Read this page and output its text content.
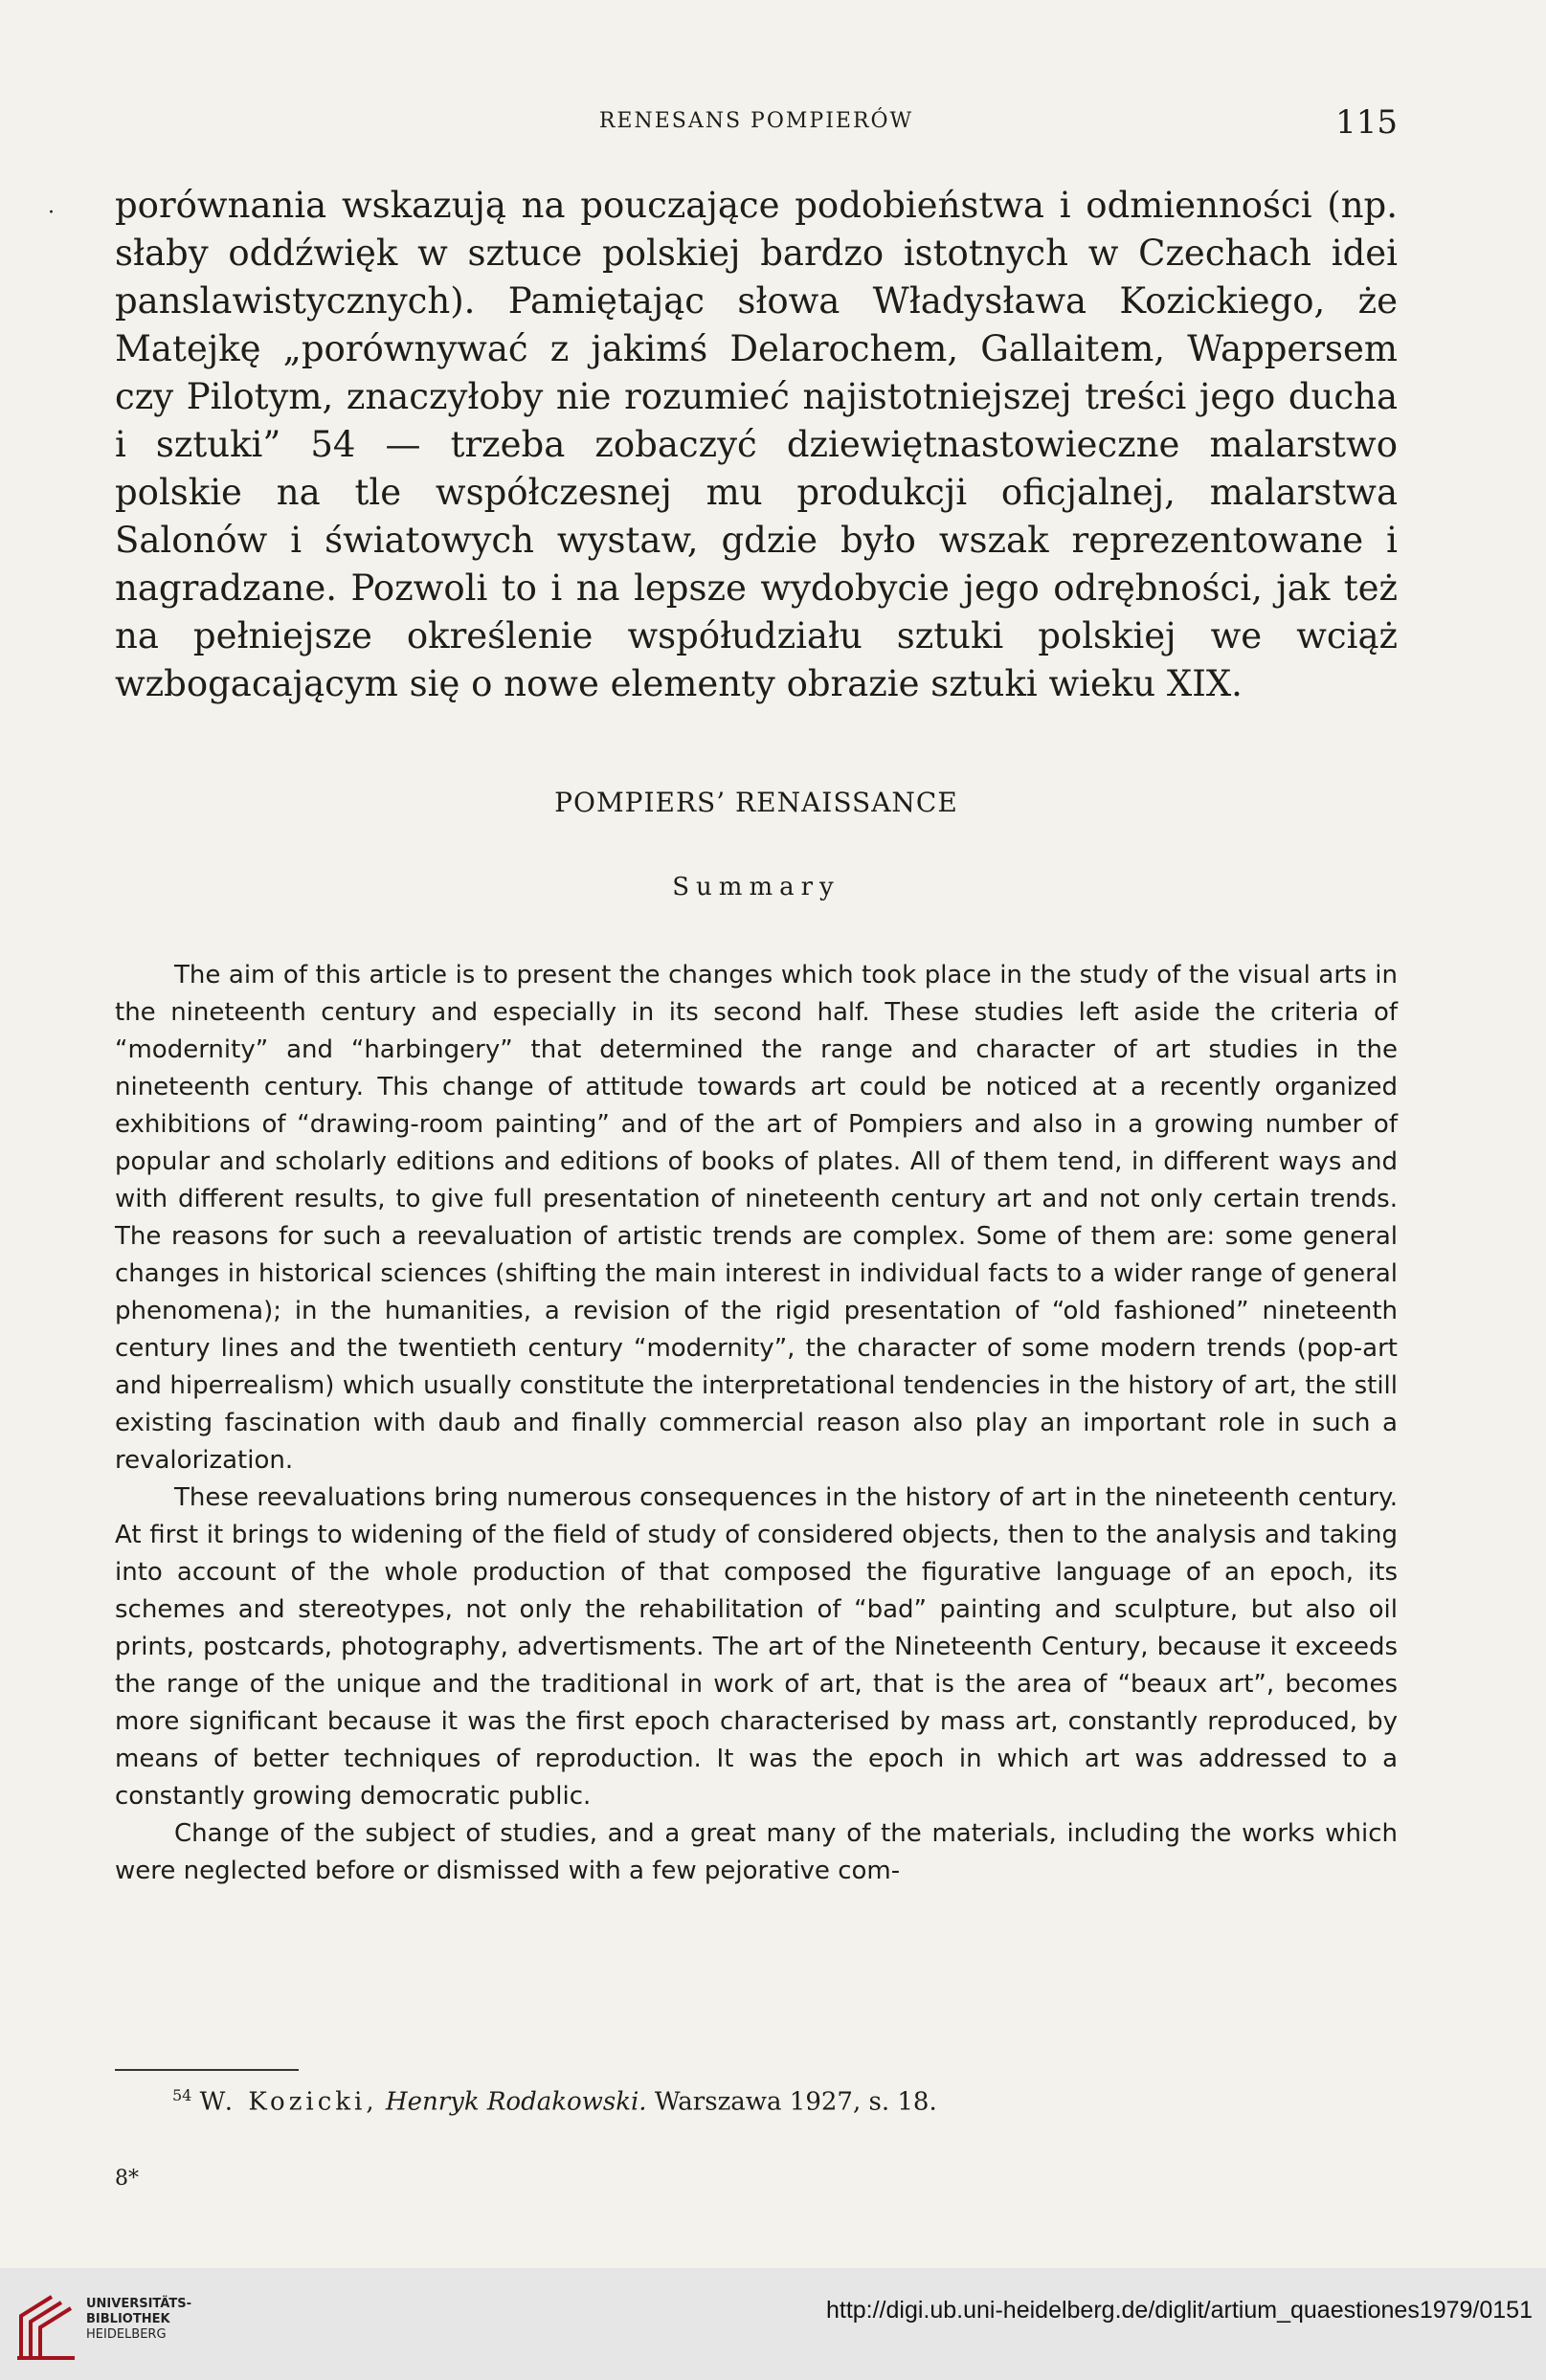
·
RENESANS POMPIERÓW	115
porównania wskazują na pouczające podobieństwa i odmienności (np. słaby oddźwięk w sztuce polskiej bardzo istotnych w Czechach idei panslawistycznych). Pamiętając słowa Władysława Kozickiego, że Matejkę „porównywać z jakimś Delarochem, Gallaitem, Wappersem czy Pilotym, znaczyłoby nie rozumieć najistotniejszej treści jego ducha i sztuki” 54 — trzeba zobaczyć dziewiętnastowieczne malarstwo polskie na tle współczesnej mu produkcji oficjalnej, malarstwa Salonów i światowych wystaw, gdzie było wszak reprezentowane i nagradzane. Pozwoli to i na lepsze wydobycie jego odrębności, jak też na pełniejsze określenie współudziału sztuki polskiej we wciąż wzbogacającym się o nowe elementy obrazie sztuki wieku XIX.
POMPIERS’ RENAISSANCE
Summary

The aim of this article is to present the changes which took place in the study of the visual arts in the nineteenth century and especially in its second half. These studies left aside the criteria of “modernity” and “harbingery” that determined the range and character of art studies in the nineteenth century. This change of attitude towards art could be noticed at a recently organized exhibitions of “drawing-room painting” and of the art of Pompiers and also in a growing number of popular and scholarly editions and editions of books of plates. All of them tend, in different ways and with different results, to give full presentation of nineteenth century art and not only certain trends. The reasons for such a reevaluation of artistic trends are complex. Some of them are: some general changes in historical sciences (shifting the main interest in individual facts to a wider range of general phenomena); in the humanities, a revision of the rigid presentation of “old fashioned” nineteenth century lines and the twentieth century “modernity”, the character of some modern trends (pop-art and hiperrealism) which usually constitute the interpretational tendencies in the history of art, the still existing fascination with daub and finally commercial reason also play an important role in such a revalorization.

These reevaluations bring numerous consequences in the history of art in the nineteenth century. At first it brings to widening of the field of study of considered objects, then to the analysis and taking into account of the whole production of that composed the figurative language of an epoch, its schemes and stereotypes, not only the rehabilitation of “bad” painting and sculpture, but also oil prints, postcards, photography, advertisments. The art of the Nineteenth Century, because it exceeds the range of the unique and the traditional in work of art, that is the area of “beaux art”, becomes more significant because it was the first epoch characterised by mass art, constantly reproduced, by means of better techniques of reproduction. It was the epoch in which art was addressed to a constantly growing democratic public.

Change of the subject of studies, and a great many of the materials, including the works which were neglected before or dismissed with a few pejorative com-

$^{54}$ W. Kozicki, Henryk Rodakowski. Warszawa 1927, s. 18.
8*
UNIVERSITÄTS-
BIBLIOTHEK
HEIDELBERG
http://digi.ub.uni-heidelberg.de/diglit/artium_quaestiones1979/0151
